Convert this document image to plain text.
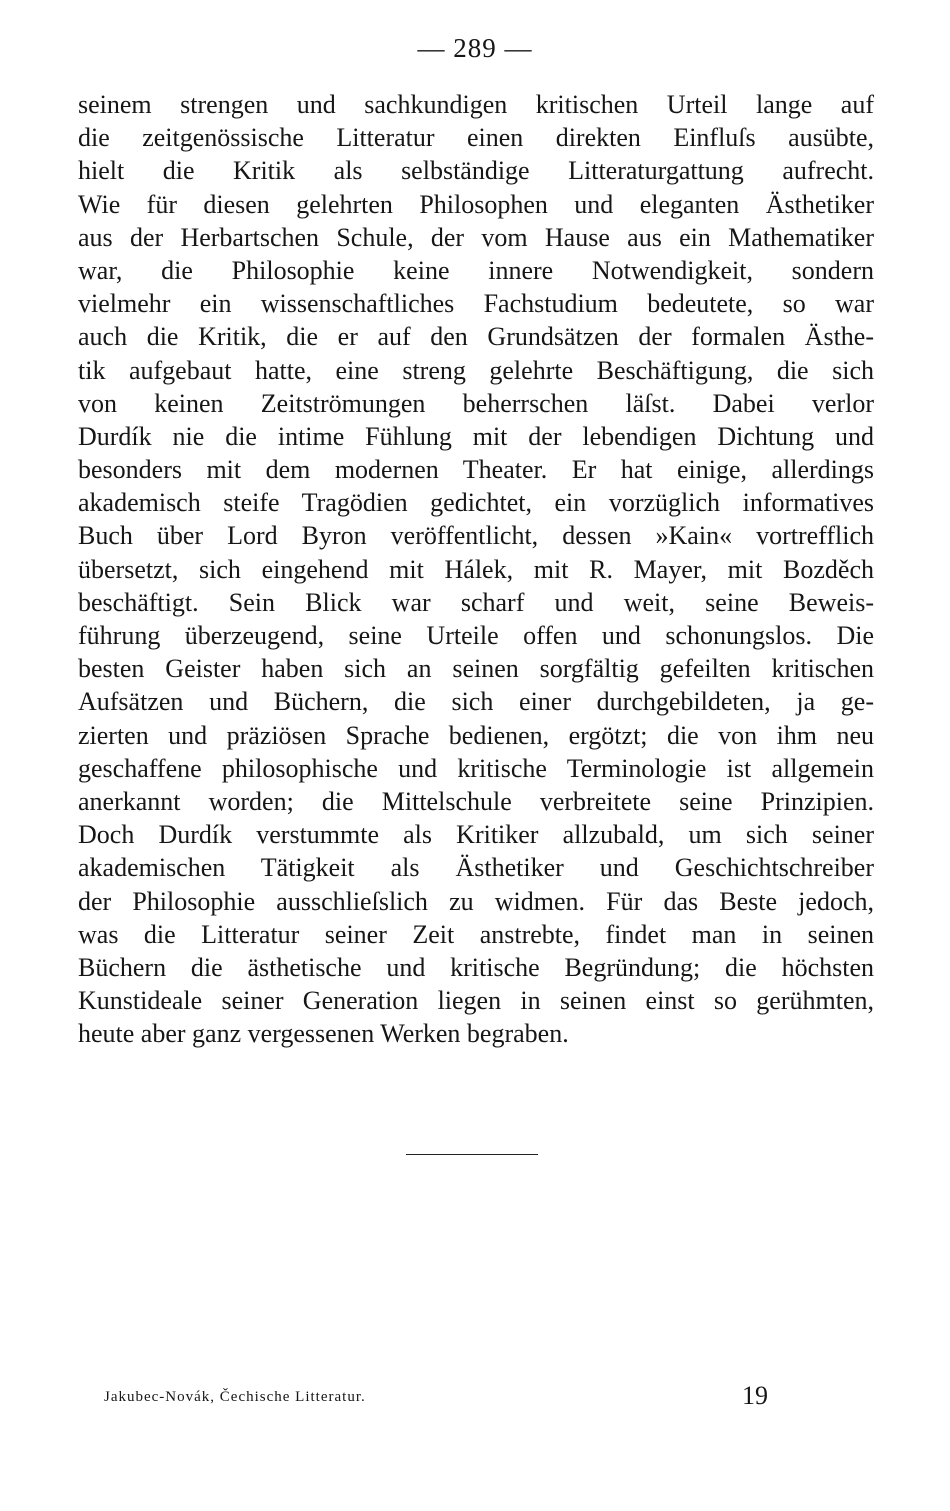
— 289 —
seinem strengen und sachkundigen kritischen Urteil lange auf
die zeitgenössische Litteratur einen direkten Einfluſs ausübte,
hielt die Kritik als selbständige Litteraturgattung aufrecht.
Wie für diesen gelehrten Philosophen und eleganten Ästhetiker
aus der Herbartschen Schule, der vom Hause aus ein Mathematiker
war, die Philosophie keine innere Notwendigkeit, sondern
vielmehr ein wissenschaftliches Fachstudium bedeutete, so war
auch die Kritik, die er auf den Grundsätzen der formalen Ästhe-
tik aufgebaut hatte, eine streng gelehrte Beschäftigung, die sich
von keinen Zeitströmungen beherrschen läſst. Dabei verlor
Durdík nie die intime Fühlung mit der lebendigen Dichtung und
besonders mit dem modernen Theater. Er hat einige, allerdings
akademisch steife Tragödien gedichtet, ein vorzüglich informatives
Buch über Lord Byron veröffentlicht, dessen »Kain« vortrefflich
übersetzt, sich eingehend mit Hálek, mit R. Mayer, mit Bozděch
beschäftigt. Sein Blick war scharf und weit, seine Beweis-
führung überzeugend, seine Urteile offen und schonungslos. Die
besten Geister haben sich an seinen sorgfältig gefeilten kritischen
Aufsätzen und Büchern, die sich einer durchgebildeten, ja ge-
zierten und präziösen Sprache bedienen, ergötzt; die von ihm neu
geschaffene philosophische und kritische Terminologie ist allgemein
anerkannt worden; die Mittelschule verbreitete seine Prinzipien.
Doch Durdík verstummte als Kritiker allzubald, um sich seiner
akademischen Tätigkeit als Ästhetiker und Geschichtschreiber
der Philosophie ausschlieſslich zu widmen. Für das Beste jedoch,
was die Litteratur seiner Zeit anstrebte, findet man in seinen
Büchern die ästhetische und kritische Begründung; die höchsten
Kunstideale seiner Generation liegen in seinen einst so gerühmten,
heute aber ganz vergessenen Werken begraben.
Jakubec-Novák, Čechische Litteratur.	19
